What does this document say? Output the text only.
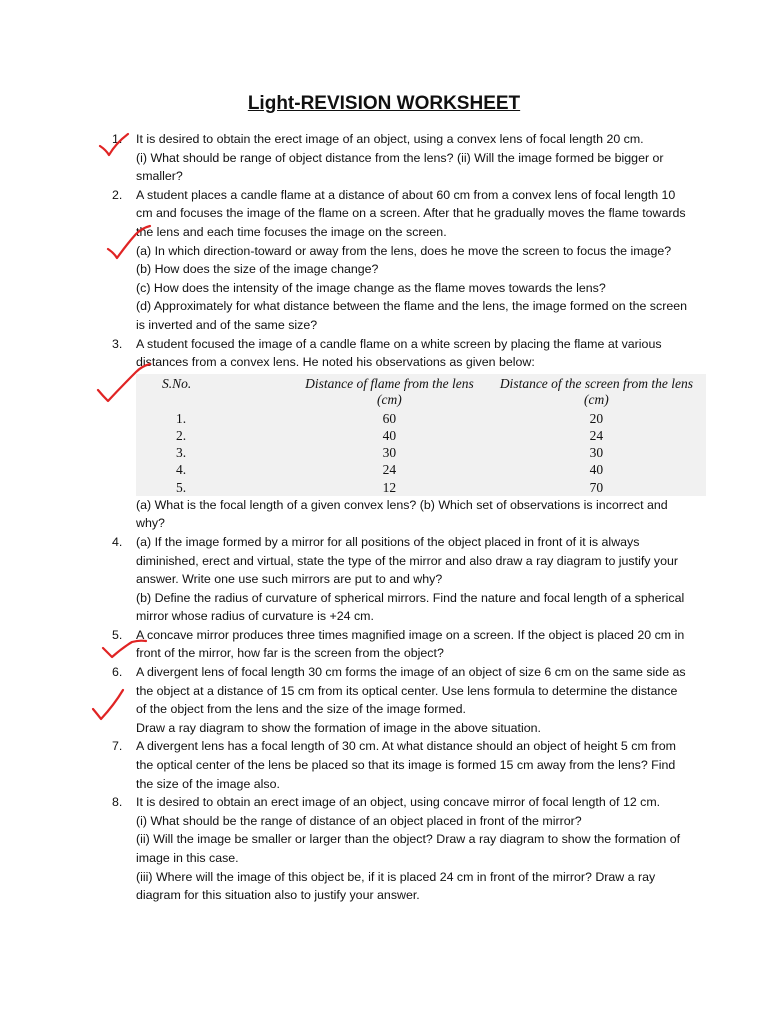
Light-REVISION WORKSHEET
1. It is desired to obtain the erect image of an object, using a convex lens of focal length 20 cm.

(i) What should be range of object distance from the lens? (ii) Will the image formed be bigger or smaller?

2. A student places a candle flame at a distance of about 60 cm from a convex lens of focal length 10 cm and focuses the image of the flame on a screen. After that he gradually moves the flame towards the lens and each time focuses the image on the screen.

(a) In which direction-toward or away from the lens, does he move the screen to focus the image?

(b) How does the size of the image change?

(c) How does the intensity of the image change as the flame moves towards the lens?

(d) Approximately for what distance between the flame and the lens, the image formed on the screen is inverted and of the same size?

3. A student focused the image of a candle flame on a white screen by placing the flame at various distances from a convex lens. He noted his observations as given below:

S.No.	Distance of flame from the lens (cm)	Distance of the screen from the lens (cm)
1.	60	20
2.	40	24
3.	30	30
4.	24	40
5.	12	70

(a) What is the focal length of a given convex lens? (b) Which set of observations is incorrect and why?

4. (a) If the image formed by a mirror for all positions of the object placed in front of it is always diminished, erect and virtual, state the type of the mirror and also draw a ray diagram to justify your answer. Write one use such mirrors are put to and why?

(b) Define the radius of curvature of spherical mirrors. Find the nature and focal length of a spherical mirror whose radius of curvature is +24 cm.

5. A concave mirror produces three times magnified image on a screen. If the object is placed 20 cm in front of the mirror, how far is the screen from the object?

6. A divergent lens of focal length 30 cm forms the image of an object of size 6 cm on the same side as the object at a distance of 15 cm from its optical center. Use lens formula to determine the distance of the object from the lens and the size of the image formed.

Draw a ray diagram to show the formation of image in the above situation.

7. A divergent lens has a focal length of 30 cm. At what distance should an object of height 5 cm from the optical center of the lens be placed so that its image is formed 15 cm away from the lens? Find the size of the image also.

8. It is desired to obtain an erect image of an object, using concave mirror of focal length of 12 cm.

(i) What should be the range of distance of an object placed in front of the mirror?

(ii) Will the image be smaller or larger than the object? Draw a ray diagram to show the formation of image in this case.

(iii) Where will the image of this object be, if it is placed 24 cm in front of the mirror? Draw a ray diagram for this situation also to justify your answer.
